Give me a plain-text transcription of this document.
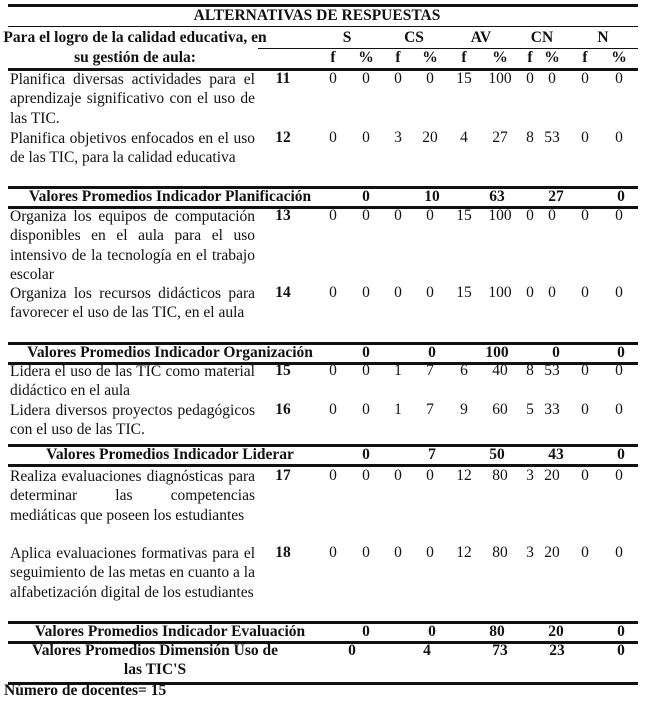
ALTERNATIVAS DE RESPUESTAS
Para el logro de la calidad educativa, en
su gestión de aula:
S	CS	AV	CN	N
f % f % f % f % f %
Planifica diversas actividades para el aprendizaje significativo con el uso de las TIC.
11	0 0 0 0 15 100 0 0 0 0
Planifica objetivos enfocados en el uso de las TIC, para la calidad educativa
12 0 0 3 20 4 27 8 53 0 0
Valores Promedios Indicador Planificación	0	10	63	27	0
Organiza los equipos de computación disponibles en el aula para el uso intensivo de la tecnología en el trabajo escolar
13 0 0 0 0 15 100 0 0 0 0
Organiza los recursos didácticos para favorecer el uso de las TIC, en el aula
14 0 0 0 0 15 100 0 0 0 0
Valores Promedios Indicador Organización	0	0	100	0	0
Lidera el uso de las TIC como material didáctico en el aula
15 0 0 1 7 6 40 8 53 0 0
Lidera diversos proyectos pedagógicos con el uso de las TIC.
16 0 0 1 7 9 60 5 33 0 0
Valores Promedios Indicador Liderar	0	7	50	43	0
Realiza evaluaciones diagnósticas para determinar las competencias mediáticas que poseen los estudiantes
17 0 0 0 0 12 80 3 20 0 0
Aplica evaluaciones formativas para el seguimiento de las metas en cuanto a la alfabetización digital de los estudiantes
18 0 0 0 0 12 80 3 20 0 0
Valores Promedios Indicador Evaluación	0	0	80	20	0
Valores Promedios Dimensión Uso de
las TIC'S
0	4	73	23	0
Número de docentes= 15
